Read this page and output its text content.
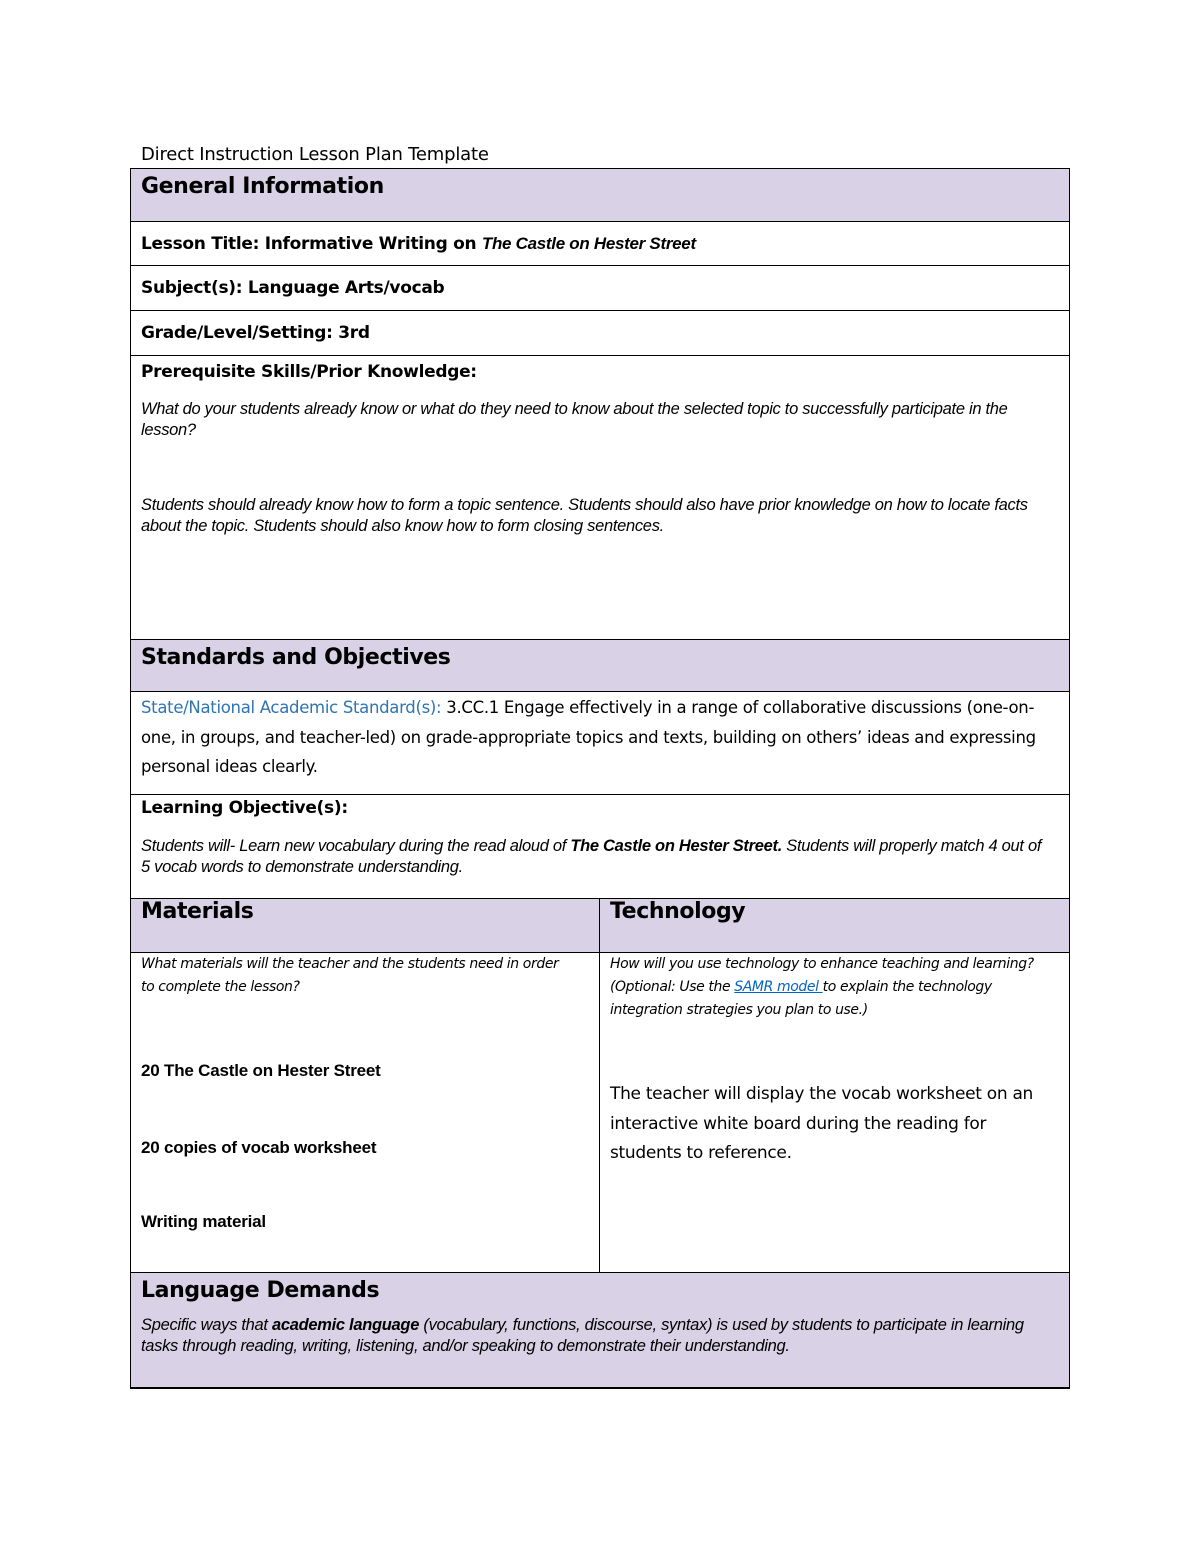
Direct Instruction Lesson Plan Template
General Information
Lesson Title: Informative Writing on The Castle on Hester Street
Subject(s): Language Arts/vocab
Grade/Level/Setting: 3rd
Prerequisite Skills/Prior Knowledge:
What do your students already know or what do they need to know about the selected topic to successfully participate in the lesson?
Students should already know how to form a topic sentence. Students should also have prior knowledge on how to locate facts about the topic. Students should also know how to form closing sentences.
Standards and Objectives
State/National Academic Standard(s): 3.CC.1 Engage effectively in a range of collaborative discussions (one-on-one, in groups, and teacher-led) on grade-appropriate topics and texts, building on others’ ideas and expressing personal ideas clearly.
Learning Objective(s):
Students will- Learn new vocabulary during the read aloud of The Castle on Hester Street. Students will properly match 4 out of 5 vocab words to demonstrate understanding.
Materials	Technology
What materials will the teacher and the students need in order to complete the lesson?
20 The Castle on Hester Street
20 copies of vocab worksheet
Writing material
How will you use technology to enhance teaching and learning? (Optional: Use the SAMR model to explain the technology integration strategies you plan to use.)
The teacher will display the vocab worksheet on an interactive white board during the reading for students to reference.
Language Demands
Specific ways that academic language (vocabulary, functions, discourse, syntax) is used by students to participate in learning tasks through reading, writing, listening, and/or speaking to demonstrate their understanding.
